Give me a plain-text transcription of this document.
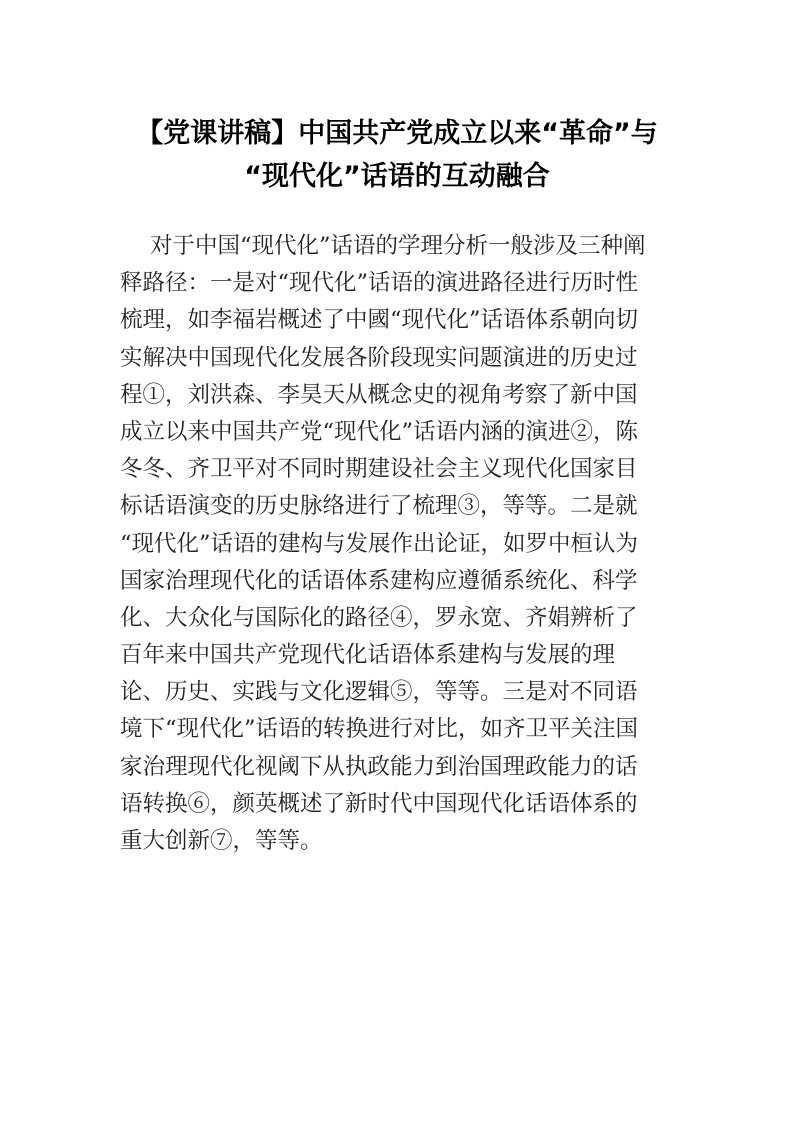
【党课讲稿】中国共产党成立以来“革命”与
“现代化”话语的互动融合
对于中国“现代化”话语的学理分析一般涉及三种阐
释路径：一是对“现代化”话语的演进路径进行历时性
梳理，如李福岩概述了中國“现代化”话语体系朝向切
实解决中国现代化发展各阶段现实问题演进的历史过
程①，刘洪森、李昊天从概念史的视角考察了新中国
成立以来中国共产党“现代化”话语内涵的演进②，陈
冬冬、齐卫平对不同时期建设社会主义现代化国家目
标话语演变的历史脉络进行了梳理③，等等。二是就
“现代化”话语的建构与发展作出论证，如罗中桓认为
国家治理现代化的话语体系建构应遵循系统化、科学
化、大众化与国际化的路径④，罗永宽、齐娟辨析了
百年来中国共产党现代化话语体系建构与发展的理
论、历史、实践与文化逻辑⑤，等等。三是对不同语
境下“现代化”话语的转换进行对比，如齐卫平关注国
家治理现代化视阈下从执政能力到治国理政能力的话
语转换⑥，颜英概述了新时代中国现代化话语体系的
重大创新⑦，等等。
